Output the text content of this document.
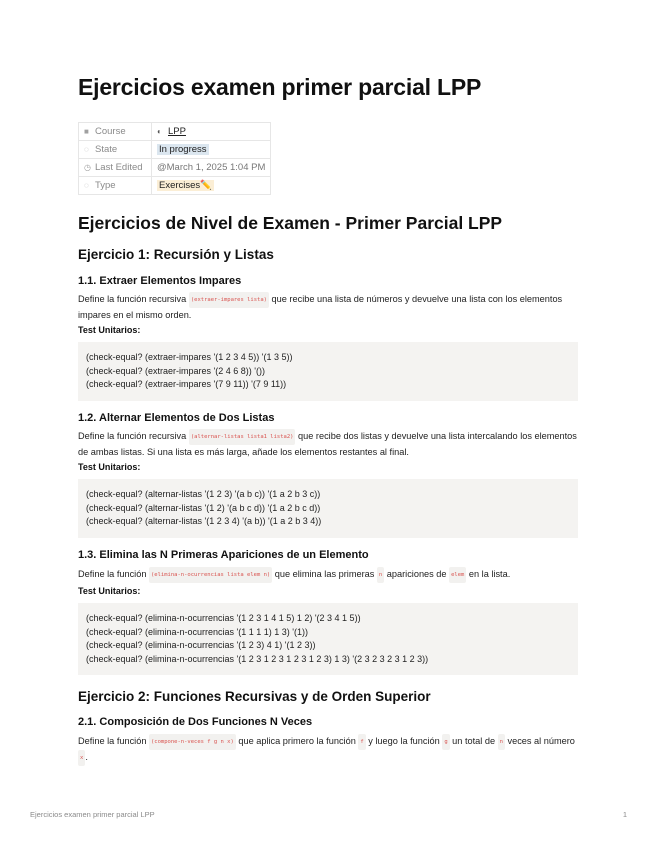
Ejercicios examen primer parcial LPP
■ Course	◐ LPP
◌ State	In progress
◷ Last Edited	@March 1, 2025 1:04 PM
◌ Type	Exercises✏️
Ejercicios de Nivel de Examen - Primer Parcial LPP
Ejercicio 1: Recursión y Listas
1.1. Extraer Elementos Impares
Define la función recursiva (extraer-impares lista) que recibe una lista de números y devuelve una lista con los elementos impares en el mismo orden.
Test Unitarios:
(check-equal? (extraer-impares '(1 2 3 4 5)) '(1 3 5))
(check-equal? (extraer-impares '(2 4 6 8)) '())
(check-equal? (extraer-impares '(7 9 11)) '(7 9 11))
1.2. Alternar Elementos de Dos Listas
Define la función recursiva (alternar-listas lista1 lista2) que recibe dos listas y devuelve una lista intercalando los elementos de ambas listas. Si una lista es más larga, añade los elementos restantes al final.
Test Unitarios:
(check-equal? (alternar-listas '(1 2 3) '(a b c)) '(1 a 2 b 3 c))
(check-equal? (alternar-listas '(1 2) '(a b c d)) '(1 a 2 b c d))
(check-equal? (alternar-listas '(1 2 3 4) '(a b)) '(1 a 2 b 3 4))
1.3. Elimina las N Primeras Apariciones de un Elemento
Define la función (elimina-n-ocurrencias lista elem n) que elimina las primeras n apariciones de elem en la lista.
Test Unitarios:
(check-equal? (elimina-n-ocurrencias '(1 2 3 1 4 1 5) 1 2) '(2 3 4 1 5))
(check-equal? (elimina-n-ocurrencias '(1 1 1 1) 1 3) '(1))
(check-equal? (elimina-n-ocurrencias '(1 2 3) 4 1) '(1 2 3))
(check-equal? (elimina-n-ocurrencias '(1 2 3 1 2 3 1 2 3 1 2 3) 1 3) '(2 3 2 3 2 3 1 2 3))
Ejercicio 2: Funciones Recursivas y de Orden Superior
2.1. Composición de Dos Funciones N Veces
Define la función (compone-n-veces f g n x) que aplica primero la función f y luego la función g un total de n veces al número x .
Ejercicios examen primer parcial LPP	1
